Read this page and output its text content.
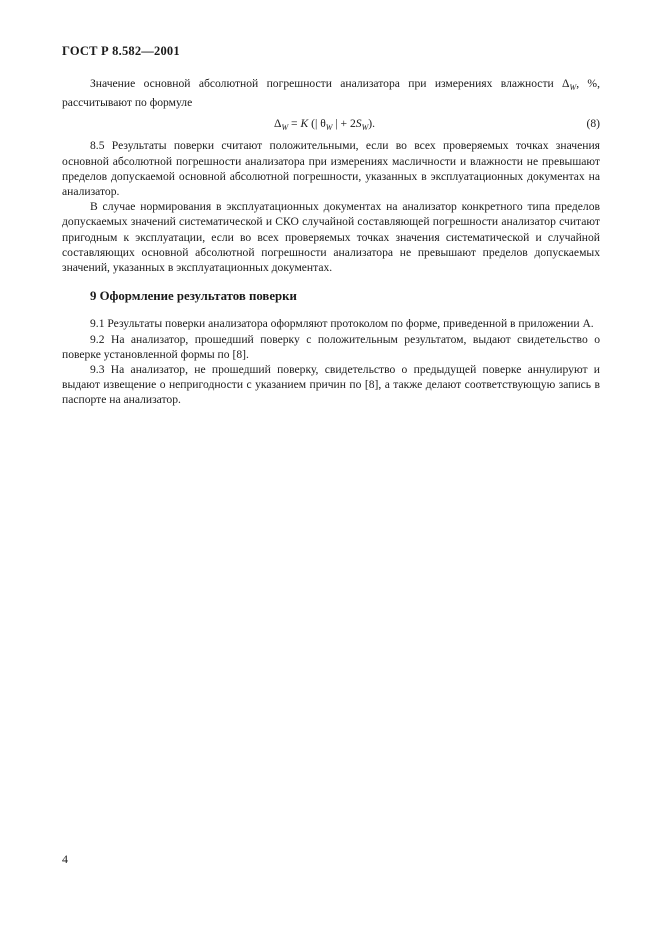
ГОСТ Р 8.582—2001

Значение основной абсолютной погрешности анализатора при измерениях влажности $\Delta_W$, %, рассчитывают по формуле

$\Delta_W = K$ (| $\theta_W$ | + $2S_W$).	(8)

8.5 Результаты поверки считают положительными, если во всех проверяемых точках значения основной абсолютной погрешности анализатора при измерениях масличности и влажности не превышают пределов допускаемой основной абсолютной погрешности, указанных в эксплуатационных документах на анализатор.

В случае нормирования в эксплуатационных документах на анализатор конкретного типа пределов допускаемых значений систематической и СКО случайной составляющей погрешности анализатор считают пригодным к эксплуатации, если во всех проверяемых точках значения систематической и случайной составляющих основной абсолютной погрешности анализатора не превышают пределов допускаемых значений, указанных в эксплуатационных документах.

9 Оформление результатов поверки

9.1 Результаты поверки анализатора оформляют протоколом по форме, приведенной в приложении А.

9.2 На анализатор, прошедший поверку с положительным результатом, выдают свидетельство о поверке установленной формы по [8].

9.3 На анализатор, не прошедший поверку, свидетельство о предыдущей поверке аннулируют и выдают извещение о непригодности с указанием причин по [8], а также делают соответствующую запись в паспорте на анализатор.

4
